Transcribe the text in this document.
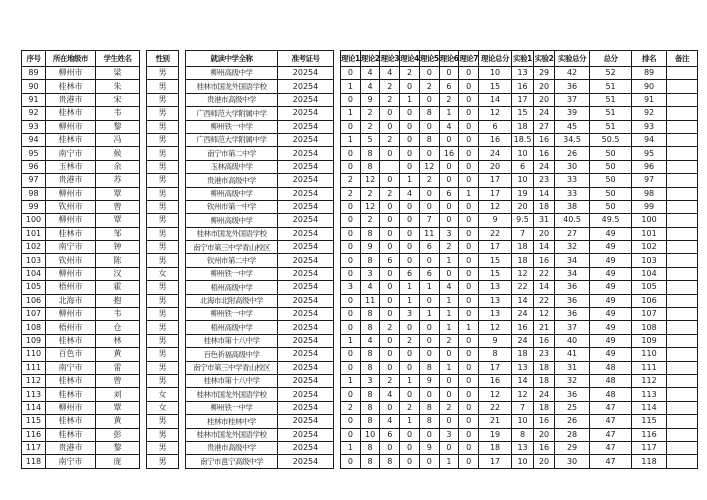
序号	所在地级市	学生姓名		性别		就读中学全称	准考证号		理论1	理论2	理论3	理论4	理论5	理论6	理论7	理论总分	实验1	实验2	实验总分	总分	排名	备注
89	柳州市	梁		男		柳州高级中学	20254		0	4	4	2	0	0	0	10	13	29	42	52	89	
90	桂林市	朱		男		桂林市国龙外国语学校	20254		1	4	2	0	2	6	0	15	16	20	36	51	90	
91	贵港市	宋		男		贵港市高级中学	20254		0	9	2	1	0	2	0	14	17	20	37	51	91	
92	桂林市	韦		男		广西师范大学附属中学	20254		1	2	0	0	8	1	0	12	15	24	39	51	92	
93	柳州市	黎		男		柳州铁一中学	20254		0	2	0	0	0	4	0	6	18	27	45	51	93	
94	桂林市	冯		男		广西师范大学附属中学	20254		1	5	2	0	8	0	0	16	18.5	16	34.5	50.5	94	
95	南宁市	候		男		南宁市第二中学	20254		0	8	0	0	0	16	0	24	10	16	26	50	95	
96	玉林市	余		男		玉林高级中学	20254		0	8		0	12	0	0	20	6	24	30	50	96	
97	贵港市	苏		男		贵港市高级中学	20254		2	12	0	1	2	0	0	17	10	23	33	50	97	
98	柳州市	覃		男		柳州高级中学	20254		2	2	2	4	0	6	1	17	19	14	33	50	98	
99	钦州市	曾		男		钦州市第一中学	20254		0	12	0	0	0	0	0	12	20	18	38	50	99	
100	柳州市	覃		男		柳州高级中学	20254		0	2	0	0	7	0	0	9	9.5	31	40.5	49.5	100	
101	桂林市	邹		男		桂林市国龙外国语学校	20254		0	8	0	0	11	3	0	22	7	20	27	49	101	
102	南宁市	钟		男		南宁市第三中学青山校区	20254		0	9	0	0	6	2	0	17	18	14	32	49	102	
103	钦州市	陈		男		钦州市第二中学	20254		0	8	6	0	0	1	0	15	18	16	34	49	103	
104	柳州市	汉		女		柳州铁一中学	20254		0	3	0	6	6	0	0	15	12	22	34	49	104	
105	梧州市	霍		男		梧州高级中学	20254		3	4	0	1	1	4	0	13	22	14	36	49	105	
106	北海市	抱		男		北海市北附高级中学	20254		0	11	0	1	0	1	0	13	14	22	36	49	106	
107	柳州市	韦		男		柳州铁一中学	20254		0	8	0	3	1	1	0	13	24	12	36	49	107	
108	梧州市	仓		男		梧州高级中学	20254		0	8	2	0	0	1	1	12	16	21	37	49	108	
109	桂林市	林		男		桂林市第十八中学	20254		1	4	0	2	0	2	0	9	24	16	40	49	109	
110	百色市	黄		男		百色祈福高级中学	20254		0	8	0	0	0	0	0	8	18	23	41	49	110	
111	南宁市	雷		男		南宁市第三中学青山校区	20254		0	8	0	0	8	1	0	17	13	18	31	48	111	
112	桂林市	曾		男		桂林市第十八中学	20254		1	3	2	1	9	0	0	16	14	18	32	48	112	
113	桂林市	刘		女		桂林市国龙外国语学校	20254		0	8	4	0	0	0	0	12	12	24	36	48	113	
114	柳州市	覃		女		柳州铁一中学	20254		2	8	0	2	8	2	0	22	7	18	25	47	114	
115	桂林市	黄		男		桂林市桂林中学	20254		0	8	4	1	8	0	0	21	10	16	26	47	115	
116	桂林市	彭		男		桂林市国龙外国语学校	20254		0	10	6	0	0	3	0	19	8	20	28	47	116	
117	贵港市	黎		男		贵港市高级中学	20254		1	8	0	0	9	0	0	18	13	16	29	47	117	
118	南宁市	庞		男		南宁市邕宁高级中学	20254		0	8	8	0	0	1	0	17	10	20	30	47	118	
